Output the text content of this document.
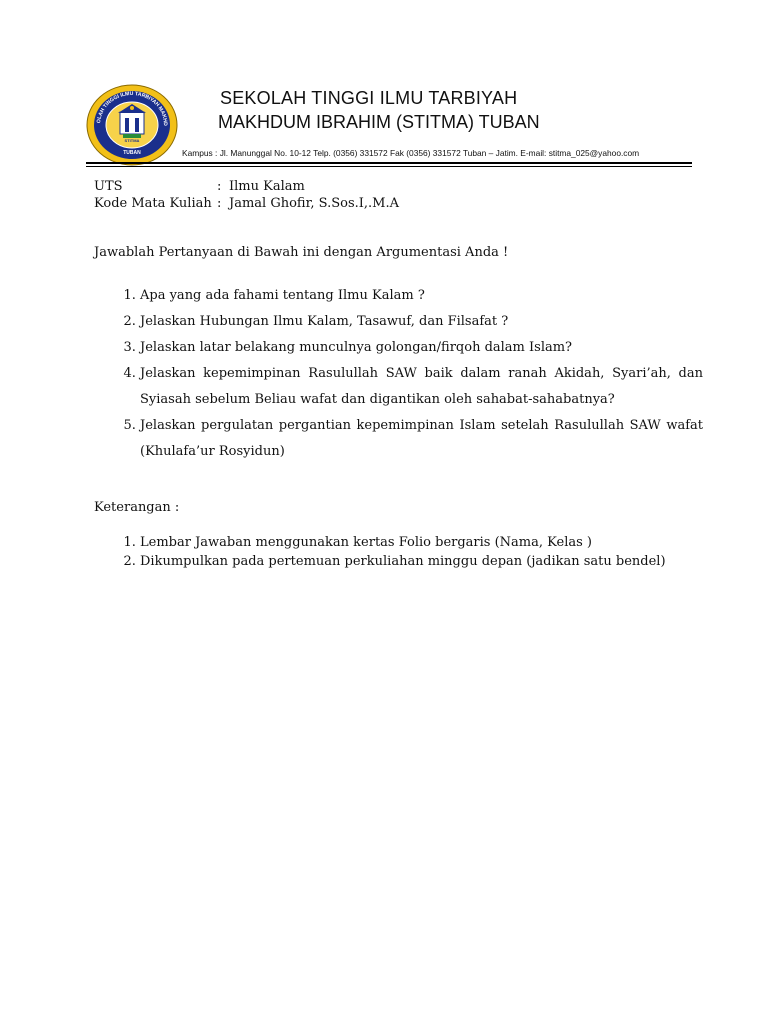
OLAH TINGGI ILMU TARBIYAH MAKHD
STITMA
TUBAN
SEKOLAH TINGGI ILMU TARBIYAH
MAKHDUM IBRAHIM (STITMA) TUBAN
Kampus : Jl. Manunggal No. 10-12 Telp. (0356) 331572 Fak (0356) 331572 Tuban – Jatim. E-mail: stitma_025@yahoo.com
UTS	: Ilmu Kalam
Kode Mata Kuliah : Jamal Ghofir, S.Sos.I,.M.A
Jawablah Pertanyaan di Bawah ini dengan Argumentasi Anda !
1. Apa yang ada fahami tentang Ilmu Kalam ?
2. Jelaskan Hubungan Ilmu Kalam, Tasawuf, dan Filsafat ?
3. Jelaskan latar belakang munculnya golongan/firqoh dalam Islam?
4. Jelaskan kepemimpinan Rasulullah SAW baik dalam ranah Akidah, Syari’ah, dan Syiasah sebelum Beliau wafat dan digantikan oleh sahabat-sahabatnya?
5. Jelaskan pergulatan pergantian kepemimpinan Islam setelah Rasulullah SAW wafat (Khulafa’ur Rosyidun)
Keterangan :
1. Lembar Jawaban menggunakan kertas Folio bergaris (Nama, Kelas )
2. Dikumpulkan pada pertemuan perkuliahan minggu depan (jadikan satu bendel)
